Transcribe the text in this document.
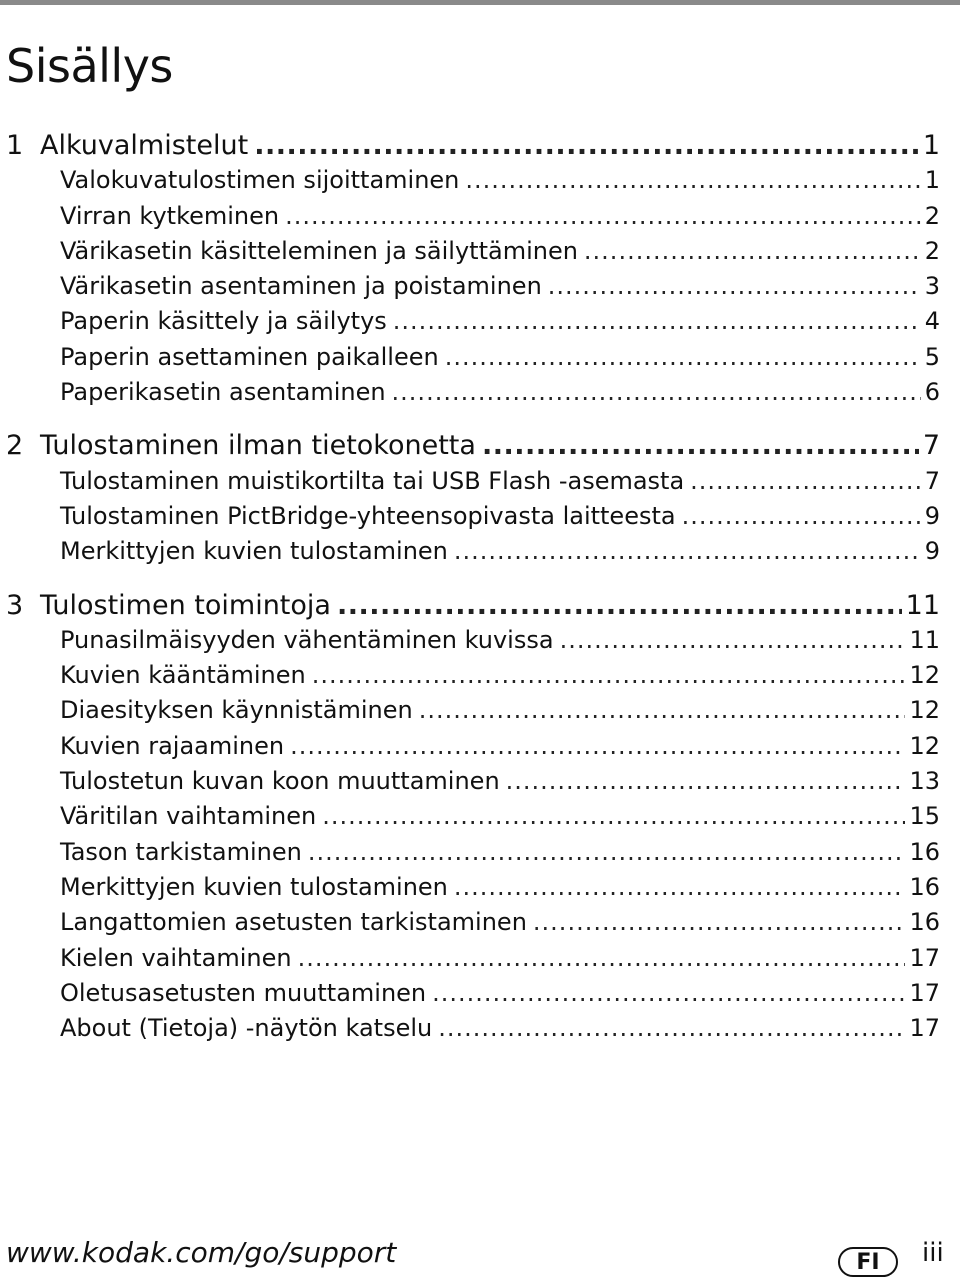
Sisällys
1 Alkuvalmistelut .....	1
Valokuvatulostimen sijoittaminen .....	1
Virran kytkeminen .....	2
Värikasetin käsitteleminen ja säilyttäminen .....	2
Värikasetin asentaminen ja poistaminen .....	3
Paperin käsittely ja säilytys .....	4
Paperin asettaminen paikalleen .....	5
Paperikasetin asentaminen .....	6
2 Tulostaminen ilman tietokonetta .....	7
Tulostaminen muistikortilta tai USB Flash -asemasta .....	7
Tulostaminen PictBridge-yhteensopivasta laitteesta .....	9
Merkittyjen kuvien tulostaminen .....	9
3 Tulostimen toimintoja .....	11
Punasilmäisyyden vähentäminen kuvissa .....	11
Kuvien kääntäminen .....	12
Diaesityksen käynnistäminen .....	12
Kuvien rajaaminen .....	12
Tulostetun kuvan koon muuttaminen .....	13
Väritilan vaihtaminen .....	15
Tason tarkistaminen .....	16
Merkittyjen kuvien tulostaminen .....	16
Langattomien asetusten tarkistaminen .....	16
Kielen vaihtaminen .....	17
Oletusasetusten muuttaminen .....	17
About (Tietoja) -näytön katselu .....	17
www.kodak.com/go/support	FI	iii
